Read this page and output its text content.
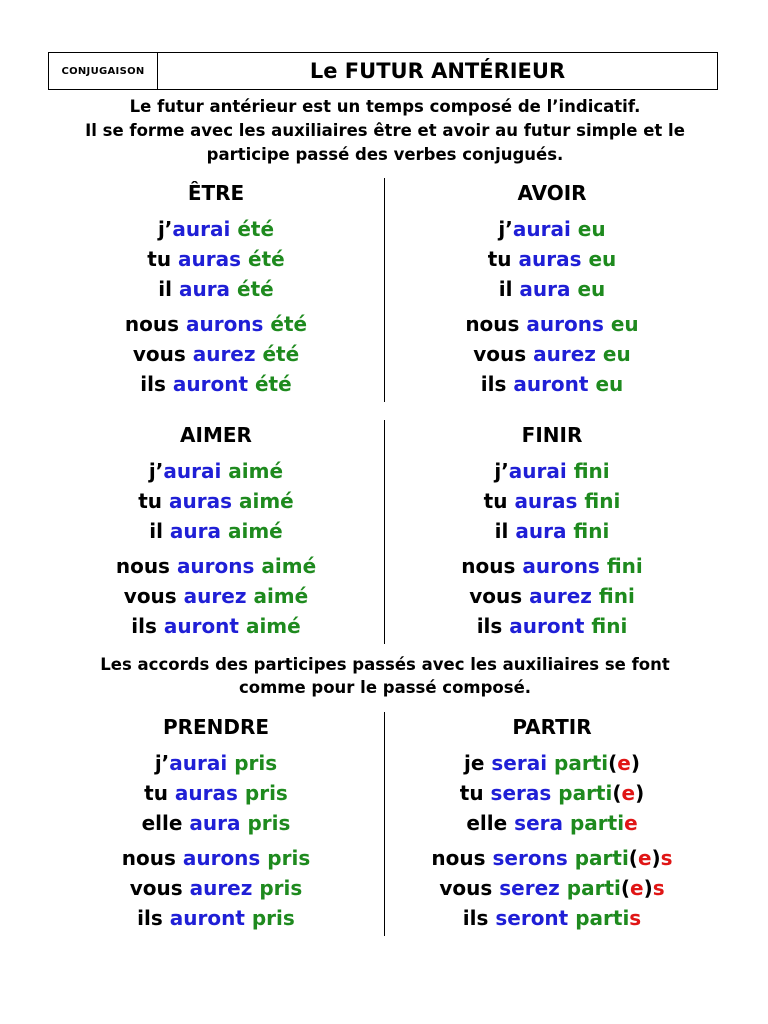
CONJUGAISON	Le FUTUR ANTÉRIEUR
Le futur antérieur est un temps composé de l’indicatif.
Il se forme avec les auxiliaires être et avoir au futur simple et le
participe passé des verbes conjugués.
ÊTRE
j’aurai été
tu auras été
il aura été
nous aurons été
vous aurez été
ils auront été
AVOIR
j’aurai eu
tu auras eu
il aura eu
nous aurons eu
vous aurez eu
ils auront eu
AIMER
j’aurai aimé
tu auras aimé
il aura aimé
nous aurons aimé
vous aurez aimé
ils auront aimé
FINIR
j’aurai fini
tu auras fini
il aura fini
nous aurons fini
vous aurez fini
ils auront fini
Les accords des participes passés avec les auxiliaires se font
comme pour le passé composé.
PRENDRE
j’aurai pris
tu auras pris
elle aura pris
nous aurons pris
vous aurez pris
ils auront pris
PARTIR
je serai parti(e)
tu seras parti(e)
elle sera partie
nous serons parti(e)s
vous serez parti(e)s
ils seront partis
